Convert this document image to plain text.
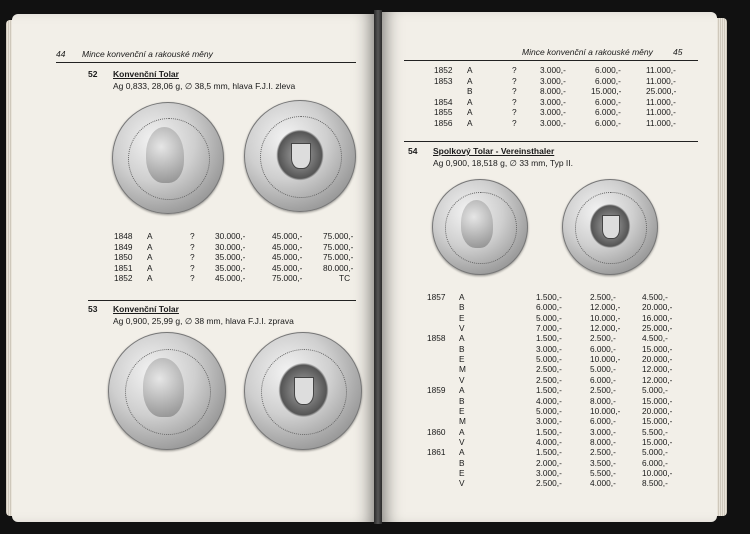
44 Mince konvenční a rakouské měny
52 Konvenční Tolar
Ag 0,833, 28,06 g, ∅ 38,5 mm, hlava F.J.I. zleva
1848 A	? 30.000,-	45.000,- 75.000,-
1849 A	? 30.000,-	45.000,- 75.000,-
1850 A	? 35.000,-	45.000,- 75.000,-
1851 A	? 35.000,-	45.000,- 80.000,-
1852 A	? 45.000,-	75.000,-	TC
53 Konvenční Tolar
Ag 0,900, 25,99 g, ∅ 38 mm, hlava F.J.I. zprava
Mince konvenční a rakouské měny 45
1852 A	?	3.000,-	6.000,-	11.000,-
1853 A	?	3.000,-	6.000,-	11.000,-
B	?	8.000,-	15.000,-	25.000,-
1854 A	?	3.000,-	6.000,-	11.000,-
1855 A	?	3.000,-	6.000,-	11.000,-
1856 A	?	3.000,-	6.000,-	11.000,-
54 Spolkový Tolar - Vereinsthaler
Ag 0,900, 18,518 g, ∅ 33 mm, Typ II.
1857 A	1.500,-	2.500,-	4.500,-
B	6.000,-	12.000,-	20.000,-
E	5.000,-	10.000,-	16.000,-
V	7.000,-	12.000,-	25.000,-
1858 A	1.500,-	2.500,-	4.500,-
B	3.000,-	6.000,-	15.000,-
E	5.000,-	10.000,-	20.000,-
M	2.500,-	5.000,-	12.000,-
V	2.500,-	6.000,-	12.000,-
1859 A	1.500,-	2.500,-	5.000,-
B	4.000,-	8.000,-	15.000,-
E	5.000,-	10.000,-	20.000,-
M	3.000,-	6.000,-	15.000,-
1860 A	1.500,-	3.000,-	5.500,-
V	4.000,-	8.000,-	15.000,-
1861 A	1.500,-	2.500,-	5.000,-
B	2.000,-	3.500,-	6.000,-
E	3.000,-	5.500,-	10.000,-
V	2.500,-	4.000,-	8.500,-
